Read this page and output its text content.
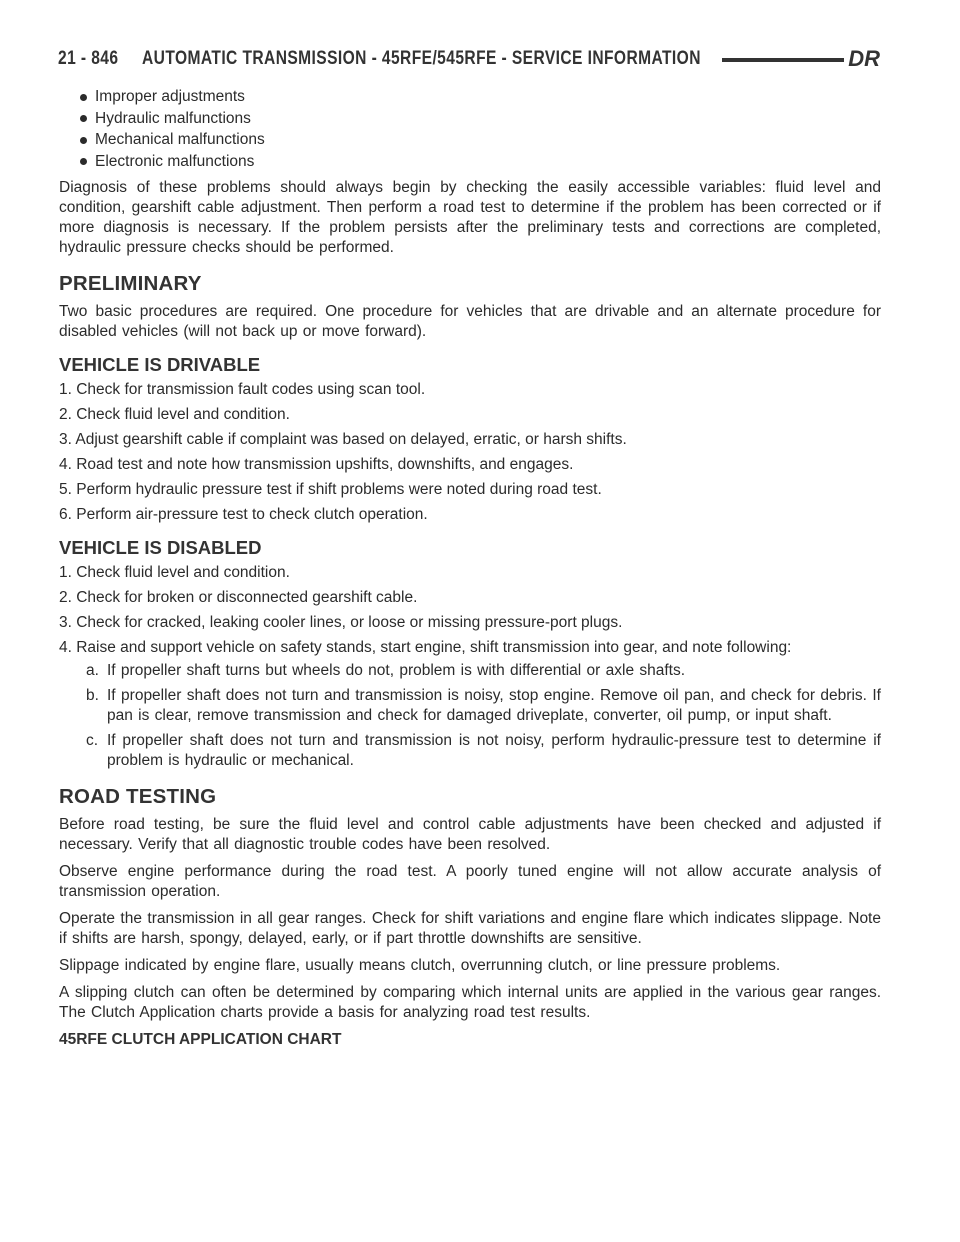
21 - 846	AUTOMATIC TRANSMISSION - 45RFE/545RFE - SERVICE INFORMATION	DR
Improper adjustments
Hydraulic malfunctions
Mechanical malfunctions
Electronic malfunctions

Diagnosis of these problems should always begin by checking the easily accessible variables: fluid level and condition, gearshift cable adjustment. Then perform a road test to determine if the problem has been corrected or if more diagnosis is necessary. If the problem persists after the preliminary tests and corrections are completed, hydraulic pressure checks should be performed.

PRELIMINARY

Two basic procedures are required. One procedure for vehicles that are drivable and an alternate procedure for disabled vehicles (will not back up or move forward).

VEHICLE IS DRIVABLE
1. Check for transmission fault codes using scan tool.
2. Check fluid level and condition.
3. Adjust gearshift cable if complaint was based on delayed, erratic, or harsh shifts.
4. Road test and note how transmission upshifts, downshifts, and engages.
5. Perform hydraulic pressure test if shift problems were noted during road test.
6. Perform air-pressure test to check clutch operation.
VEHICLE IS DISABLED
1. Check fluid level and condition.
2. Check for broken or disconnected gearshift cable.
3. Check for cracked, leaking cooler lines, or loose or missing pressure-port plugs.
4. Raise and support vehicle on safety stands, start engine, shift transmission into gear, and note following:
a. If propeller shaft turns but wheels do not, problem is with differential or axle shafts.
b. If propeller shaft does not turn and transmission is noisy, stop engine. Remove oil pan, and check for debris. If pan is clear, remove transmission and check for damaged driveplate, converter, oil pump, or input shaft.
c. If propeller shaft does not turn and transmission is not noisy, perform hydraulic-pressure test to determine if problem is hydraulic or mechanical.
ROAD TESTING

Before road testing, be sure the fluid level and control cable adjustments have been checked and adjusted if necessary. Verify that all diagnostic trouble codes have been resolved.

Observe engine performance during the road test. A poorly tuned engine will not allow accurate analysis of transmission operation.

Operate the transmission in all gear ranges. Check for shift variations and engine flare which indicates slippage. Note if shifts are harsh, spongy, delayed, early, or if part throttle downshifts are sensitive.

Slippage indicated by engine flare, usually means clutch, overrunning clutch, or line pressure problems.

A slipping clutch can often be determined by comparing which internal units are applied in the various gear ranges. The Clutch Application charts provide a basis for analyzing road test results.

45RFE CLUTCH APPLICATION CHART
